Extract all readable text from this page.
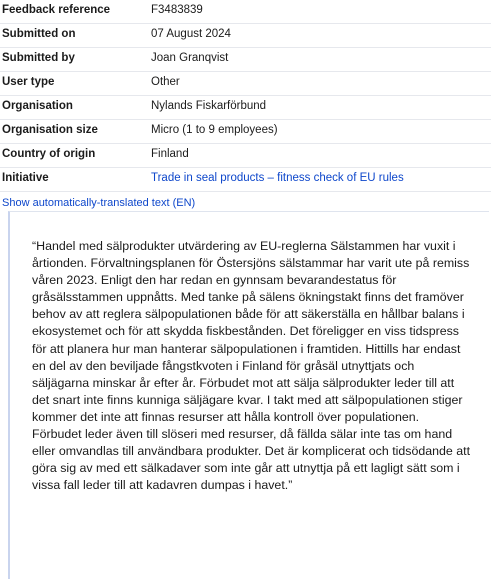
Feedback reference	F3483839
Submitted on	07 August 2024
Submitted by	Joan Granqvist
User type	Other
Organisation	Nylands Fiskarförbund
Organisation size	Micro (1 to 9 employees)
Country of origin	Finland
Initiative	Trade in seal products – fitness check of EU rules
Show automatically-translated text (EN)

“Handel med sälprodukter utvärdering av EU-reglerna Sälstammen har vuxit i årtionden. Förvaltningsplanen för Östersjöns sälstammar har varit ute på remiss våren 2023. Enligt den har redan en gynnsam bevarandestatus för gråsälsstammen uppnåtts. Med tanke på sälens ökningstakt finns det framöver behov av att reglera sälpopulationen både för att säkerställa en hållbar balans i ekosystemet och för att skydda fiskbestånden. Det föreligger en viss tidspress för att planera hur man hanterar sälpopulationen i framtiden. Hittills har endast en del av den beviljade fångstkvoten i Finland för gråsäl utnyttjats och säljägarna minskar år efter år. Förbudet mot att sälja sälprodukter leder till att det snart inte finns kunniga säljägare kvar. I takt med att sälpopulationen stiger kommer det inte att finnas resurser att hålla kontroll över populationen. Förbudet leder även till slöseri med resurser, då fällda sälar inte tas om hand eller omvandlas till användbara produkter. Det är komplicerat och tidsödande att göra sig av med ett sälkadaver som inte går att utnyttja på ett lagligt sätt som i vissa fall leder till att kadavren dumpas i havet.”
